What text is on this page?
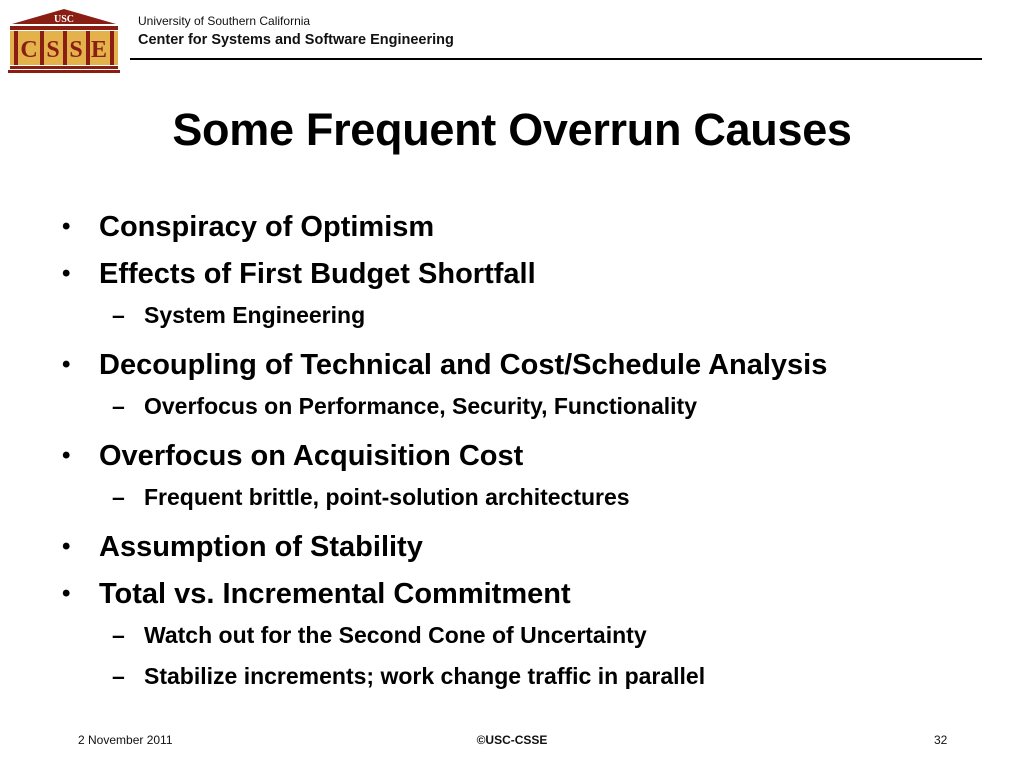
USC
C S S E
University of Southern California
Center for Systems and Software Engineering
Some Frequent Overrun Causes
• Conspiracy of Optimism
• Effects of First Budget Shortfall
– System Engineering
• Decoupling of Technical and Cost/Schedule Analysis
– Overfocus on Performance, Security, Functionality
• Overfocus on Acquisition Cost
– Frequent brittle, point-solution architectures
• Assumption of Stability
• Total vs. Incremental Commitment
– Watch out for the Second Cone of Uncertainty
– Stabilize increments; work change traffic in parallel
2 November 2011	©USC-CSSE	32
